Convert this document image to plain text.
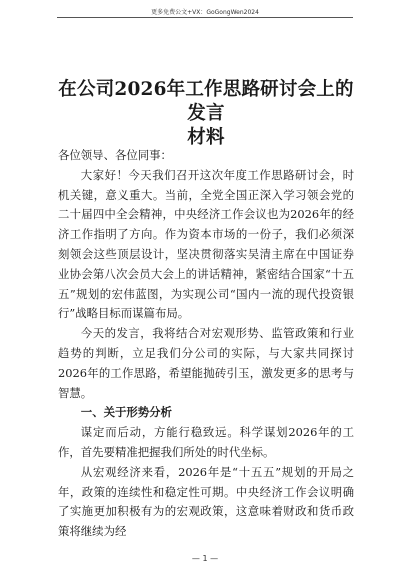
更多免费公文+VX：GoGongWen2024
在公司2026年工作思路研讨会上的发言
材料

各位领导、各位同事：

大家好！今天我们召开这次年度工作思路研讨会，时机关键，意义重大。当前，全党全国正深入学习领会党的二十届四中全会精神，中央经济工作会议也为2026年的经济工作指明了方向。作为资本市场的一份子，我们必须深刻领会这些顶层设计，坚决贯彻落实吴清主席在中国证券业协会第八次会员大会上的讲话精神，紧密结合国家“十五五”规划的宏伟蓝图，为实现公司“国内一流的现代投资银行”战略目标而谋篇布局。

今天的发言，我将结合对宏观形势、监管政策和行业趋势的判断，立足我们分公司的实际，与大家共同探讨2026年的工作思路，希望能抛砖引玉，激发更多的思考与智慧。

一、关于形势分析

谋定而后动，方能行稳致远。科学谋划2026年的工作，首先要精准把握我们所处的时代坐标。

从宏观经济来看，2026年是“十五五”规划的开局之年，政策的连续性和稳定性可期。中央经济工作会议明确了实施更加积极有为的宏观政策，这意味着财政和货币政策将继续为经

— 1 —
